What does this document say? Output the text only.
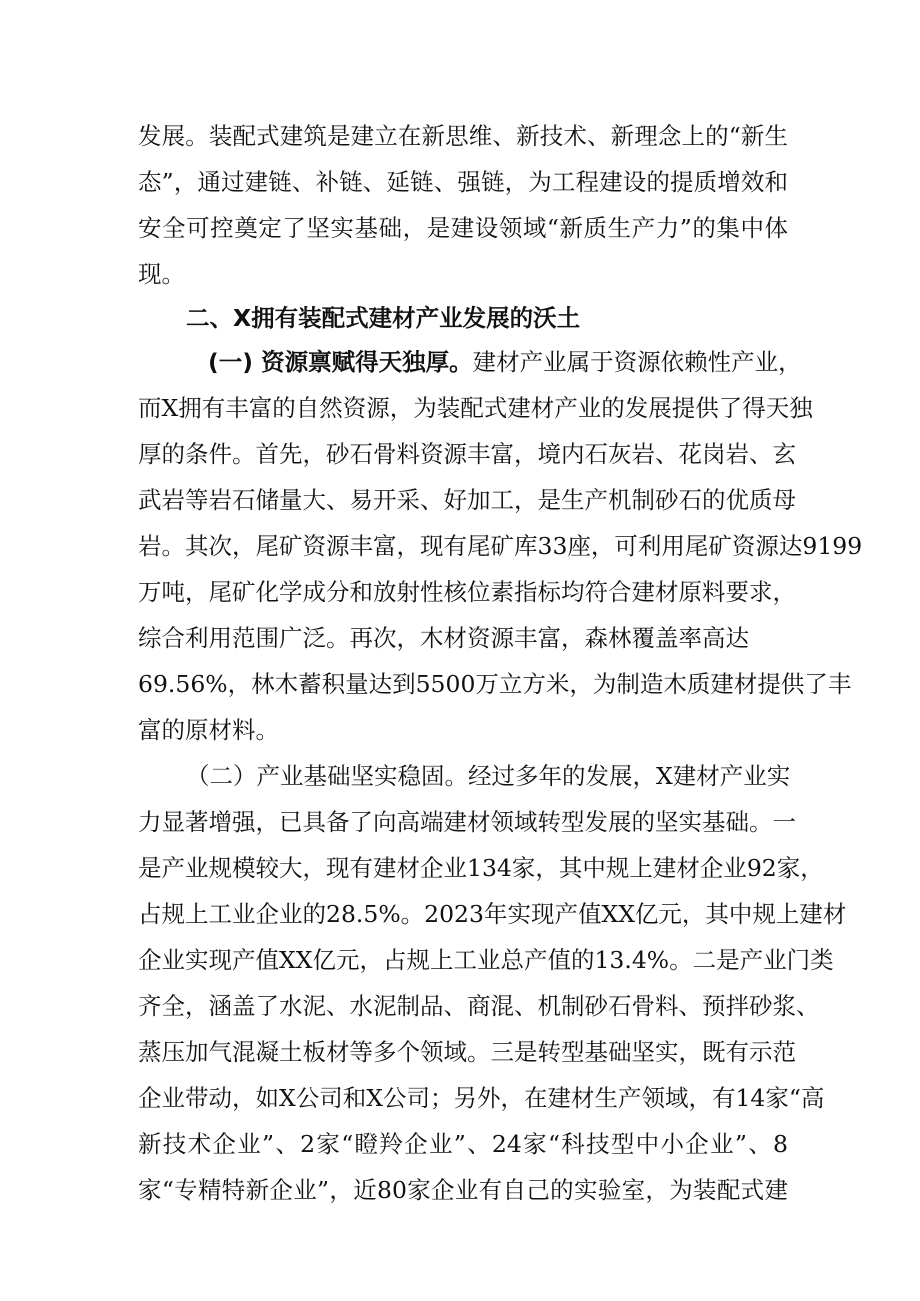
发展。装配式建筑是建立在新思维、新技术、新理念上的“新生
态”，通过建链、补链、延链、强链，为工程建设的提质增效和
安全可控奠定了坚实基础，是建设领域“新质生产力”的集中体
现。
二、X拥有装配式建材产业发展的沃土
(一) 资源禀赋得天独厚。建材产业属于资源依赖性产业，
而X拥有丰富的自然资源，为装配式建材产业的发展提供了得天独
厚的条件。首先，砂石骨料资源丰富，境内石灰岩、花岗岩、玄
武岩等岩石储量大、易开采、好加工，是生产机制砂石的优质母
岩。其次，尾矿资源丰富，现有尾矿库33座，可利用尾矿资源达9199
万吨，尾矿化学成分和放射性核位素指标均符合建材原料要求，
综合利用范围广泛。再次，木材资源丰富，森林覆盖率高达
69.56%，林木蓄积量达到5500万立方米，为制造木质建材提供了丰
富的原材料。
（二）产业基础坚实稳固。经过多年的发展，X建材产业实
力显著增强，已具备了向高端建材领域转型发展的坚实基础。一
是产业规模较大，现有建材企业134家，其中规上建材企业92家，
占规上工业企业的28.5%。2023年实现产值XX亿元，其中规上建材
企业实现产值XX亿元，占规上工业总产值的13.4%。二是产业门类
齐全，涵盖了水泥、水泥制品、商混、机制砂石骨料、预拌砂浆、
蒸压加气混凝土板材等多个领域。三是转型基础坚实，既有示范
企业带动，如X公司和X公司；另外，在建材生产领域，有14家“高
新技术企业”、2家“瞪羚企业”、24家“科技型中小企业”、8
家“专精特新企业”，近80家企业有自己的实验室，为装配式建
